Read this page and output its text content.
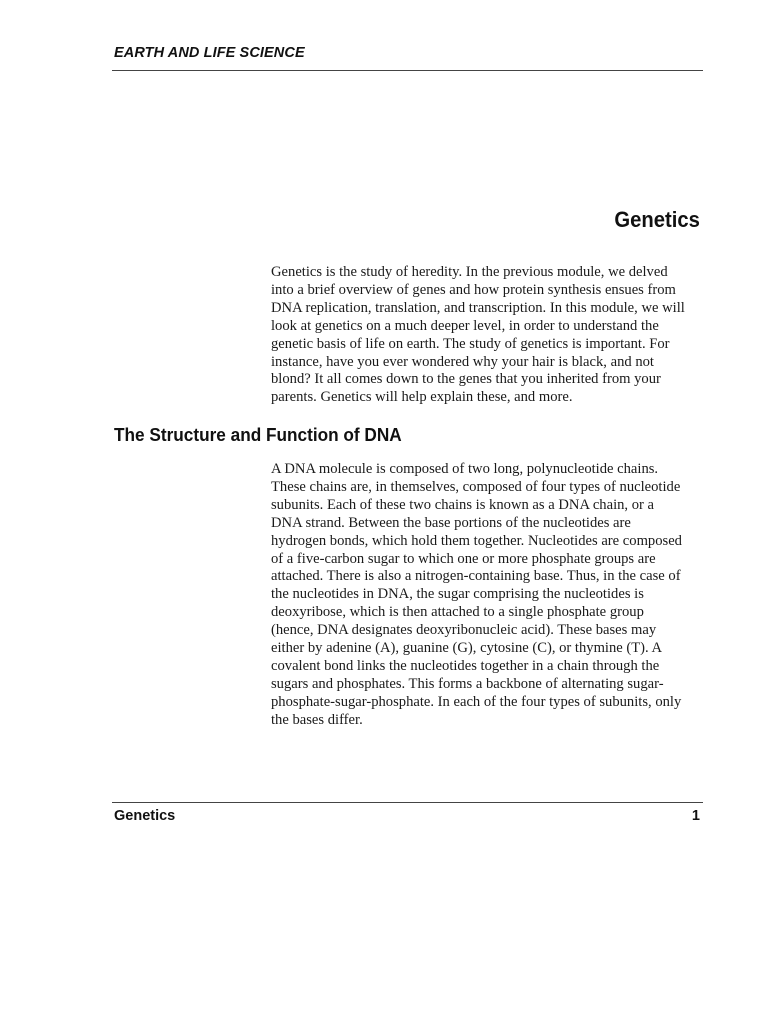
EARTH AND LIFE SCIENCE
Genetics
Genetics is the study of heredity. In the previous module, we delved
into a brief overview of genes and how protein synthesis ensues from
DNA replication, translation, and transcription. In this module, we will
look at genetics on a much deeper level, in order to understand the
genetic basis of life on earth. The study of genetics is important. For
instance, have you ever wondered why your hair is black, and not
blond? It all comes down to the genes that you inherited from your
parents. Genetics will help explain these, and more.
The Structure and Function of DNA
A DNA molecule is composed of two long, polynucleotide chains.
These chains are, in themselves, composed of four types of nucleotide
subunits. Each of these two chains is known as a DNA chain, or a
DNA strand. Between the base portions of the nucleotides are
hydrogen bonds, which hold them together. Nucleotides are composed
of a five-carbon sugar to which one or more phosphate groups are
attached. There is also a nitrogen-containing base. Thus, in the case of
the nucleotides in DNA, the sugar comprising the nucleotides is
deoxyribose, which is then attached to a single phosphate group
(hence, DNA designates deoxyribonucleic acid). These bases may
either by adenine (A), guanine (G), cytosine (C), or thymine (T). A
covalent bond links the nucleotides together in a chain through the
sugars and phosphates. This forms a backbone of alternating sugar-
phosphate-sugar-phosphate. In each of the four types of subunits, only
the bases differ.
Genetics	1
